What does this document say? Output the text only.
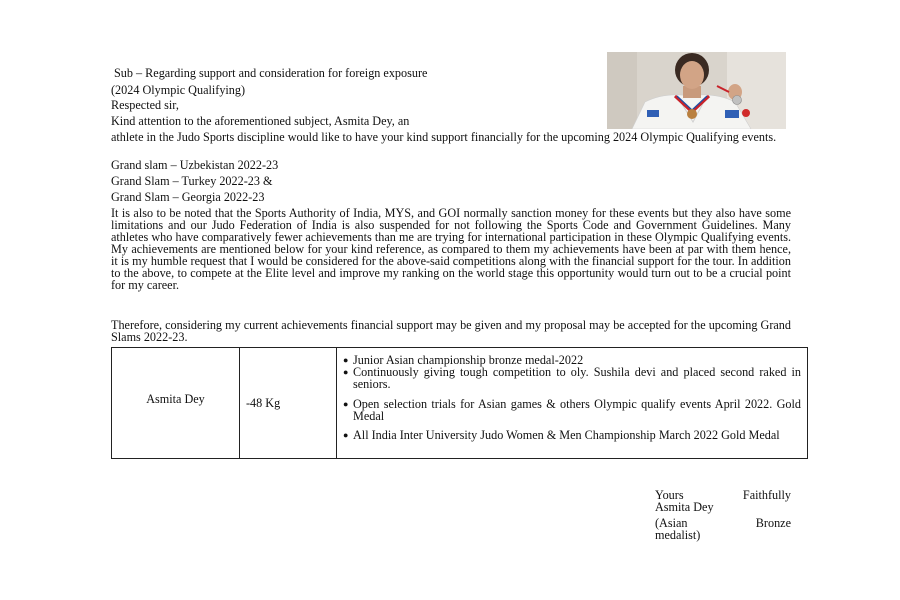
Sub – Regarding support and consideration for foreign exposure
(2024 Olympic Qualifying)
Respected sir,
Kind attention to the aforementioned subject, Asmita Dey, an
athlete in the Judo Sports discipline would like to have your kind support financially for the upcoming 2024 Olympic Qualifying events.
Grand slam – Uzbekistan 2022-23
Grand Slam – Turkey 2022-23 &
Grand Slam – Georgia 2022-23
It is also to be noted that the Sports Authority of India, MYS, and GOI normally sanction money for these events but they also have some limitations and our Judo Federation of India is also suspended for not following the Sports Code and Government Guidelines. Many athletes who have comparatively fewer achievements than me are trying for international participation in these Olympic Qualifying events. My achievements are mentioned below for your kind reference, as compared to them my achievements have been at par with them hence, it is my humble request that I would be considered for the above-said competitions along with the financial support for the tour. In addition to the above, to compete at the Elite level and improve my ranking on the world stage this opportunity would turn out to be a crucial point for my career.
Therefore, considering my current achievements financial support may be given and my proposal may be accepted for the upcoming Grand Slams 2022-23.
Asmita Dey	-48 Kg	
● Junior Asian championship bronze medal-2022
● Continuously giving tough competition to oly. Sushila devi and placed second raked in seniors.
● Open selection trials for Asian games & others Olympic qualify events April 2022. Gold Medal
● All India Inter University Judo Women & Men Championship March 2022 Gold Medal
Yours Faithfully
Asmita Dey
(Asian Bronze medalist)
